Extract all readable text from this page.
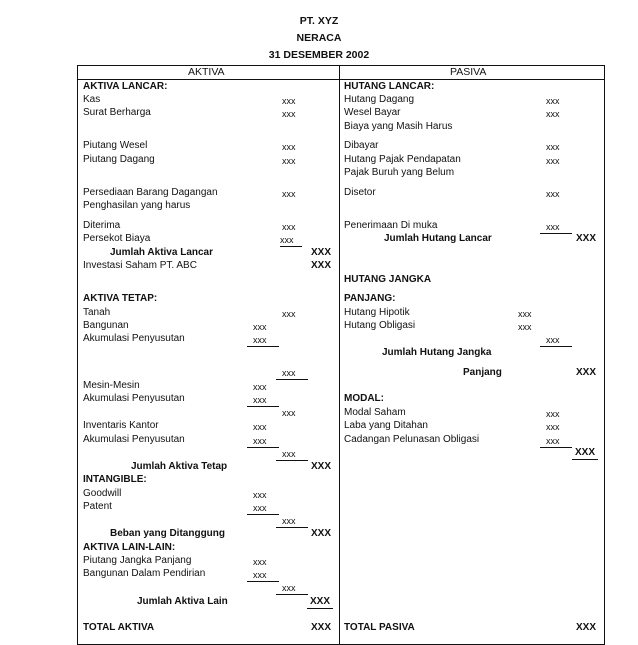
PT. XYZ
NERACA
31 DESEMBER 2002
AKTIVA	PASIVA
AKTIVA LANCAR:
Kas	xxx
Surat Berharga	xxx
Piutang Wesel	xxx
Piutang Dagang	xxx
Persediaan Barang Dagangan	xxx
Penghasilan yang harus
Diterima	xxx
Persekot Biaya	xxx
Jumlah Aktiva Lancar	XXX
Investasi Saham PT. ABC	XXX
AKTIVA TETAP:
Tanah	xxx
Bangunan	xxx
Akumulasi Penyusutan	xxx
xxx
Mesin-Mesin	xxx
Akumulasi Penyusutan	xxx
xxx
Inventaris Kantor	xxx
Akumulasi Penyusutan	xxx
xxx
Jumlah Aktiva Tetap	XXX
INTANGIBLE:
Goodwill	xxx
Patent	xxx
xxx
Beban yang Ditanggung	XXX
AKTIVA LAIN-LAIN:
Piutang Jangka Panjang	xxx
Bangunan Dalam Pendirian	xxx
xxx
Jumlah Aktiva Lain	XXX
TOTAL AKTIVA	XXX
HUTANG LANCAR:
Hutang Dagang	xxx
Wesel Bayar	xxx
Biaya yang Masih Harus
Dibayar	xxx
Hutang Pajak Pendapatan	xxx
Pajak Buruh yang Belum
Disetor	xxx
Penerimaan Di muka	xxx
Jumlah Hutang Lancar	XXX
HUTANG JANGKA
PANJANG:
Hutang Hipotik	xxx
Hutang Obligasi	xxx
xxx
Jumlah Hutang Jangka
Panjang	XXX
MODAL:
Modal Saham	xxx
Laba yang Ditahan	xxx
Cadangan Pelunasan Obligasi	xxx
XXX
TOTAL PASIVA	XXX
